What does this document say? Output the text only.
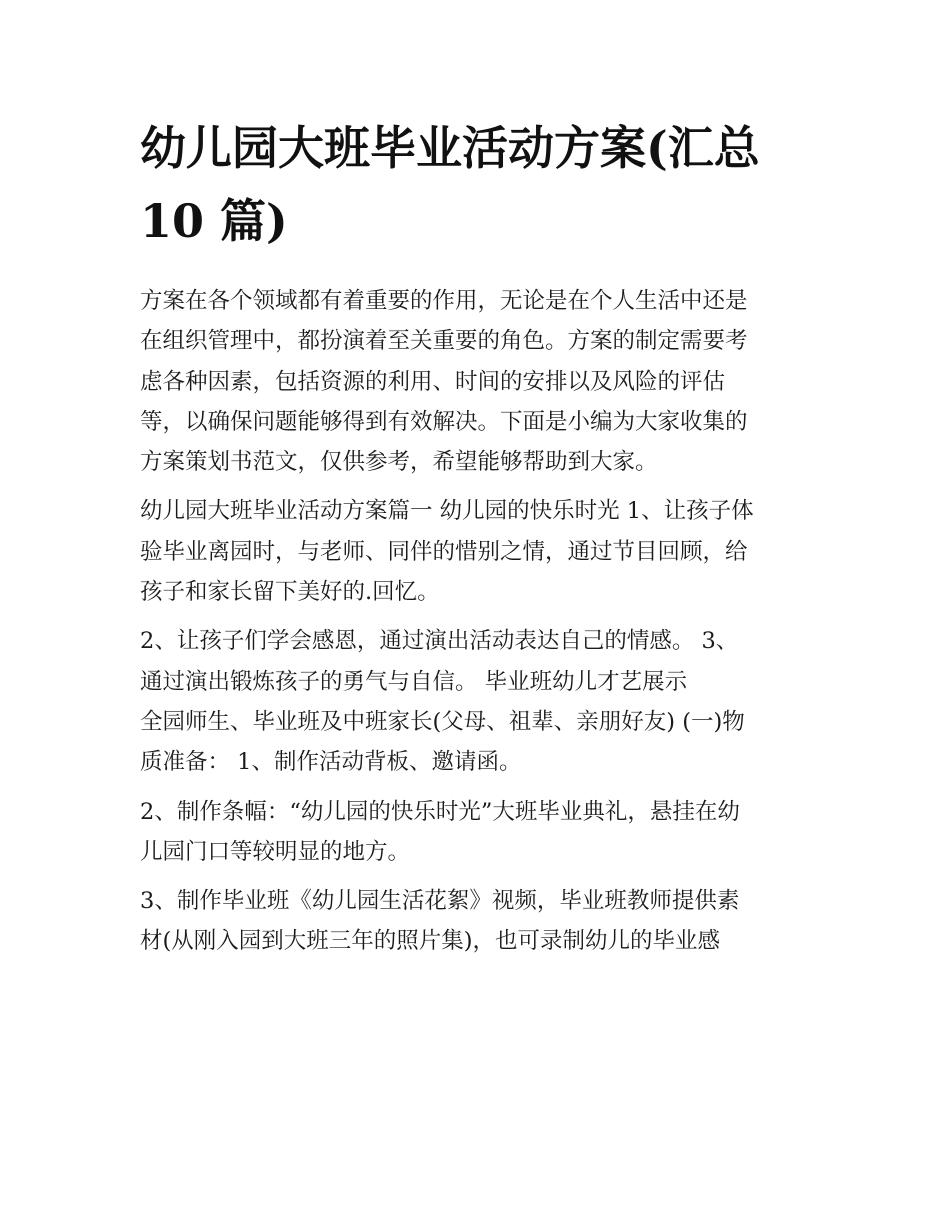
幼儿园大班毕业活动方案(汇总
10 篇)

方案在各个领域都有着重要的作用，无论是在个人生活中还是
在组织管理中，都扮演着至关重要的角色。方案的制定需要考
虑各种因素，包括资源的利用、时间的安排以及风险的评估
等，以确保问题能够得到有效解决。下面是小编为大家收集的
方案策划书范文，仅供参考，希望能够帮助到大家。

幼儿园大班毕业活动方案篇一 幼儿园的快乐时光 1、让孩子体
验毕业离园时，与老师、同伴的惜别之情，通过节目回顾，给
孩子和家长留下美好的.回忆。

2、让孩子们学会感恩，通过演出活动表达自己的情感。 3、
通过演出锻炼孩子的勇气与自信。 毕业班幼儿才艺展示
全园师生、毕业班及中班家长(父母、祖辈、亲朋好友) (一)物
质准备： 1、制作活动背板、邀请函。

2、制作条幅：“幼儿园的快乐时光”大班毕业典礼，悬挂在幼
儿园门口等较明显的地方。

3、制作毕业班《幼儿园生活花絮》视频，毕业班教师提供素
材(从刚入园到大班三年的照片集)，也可录制幼儿的毕业感
